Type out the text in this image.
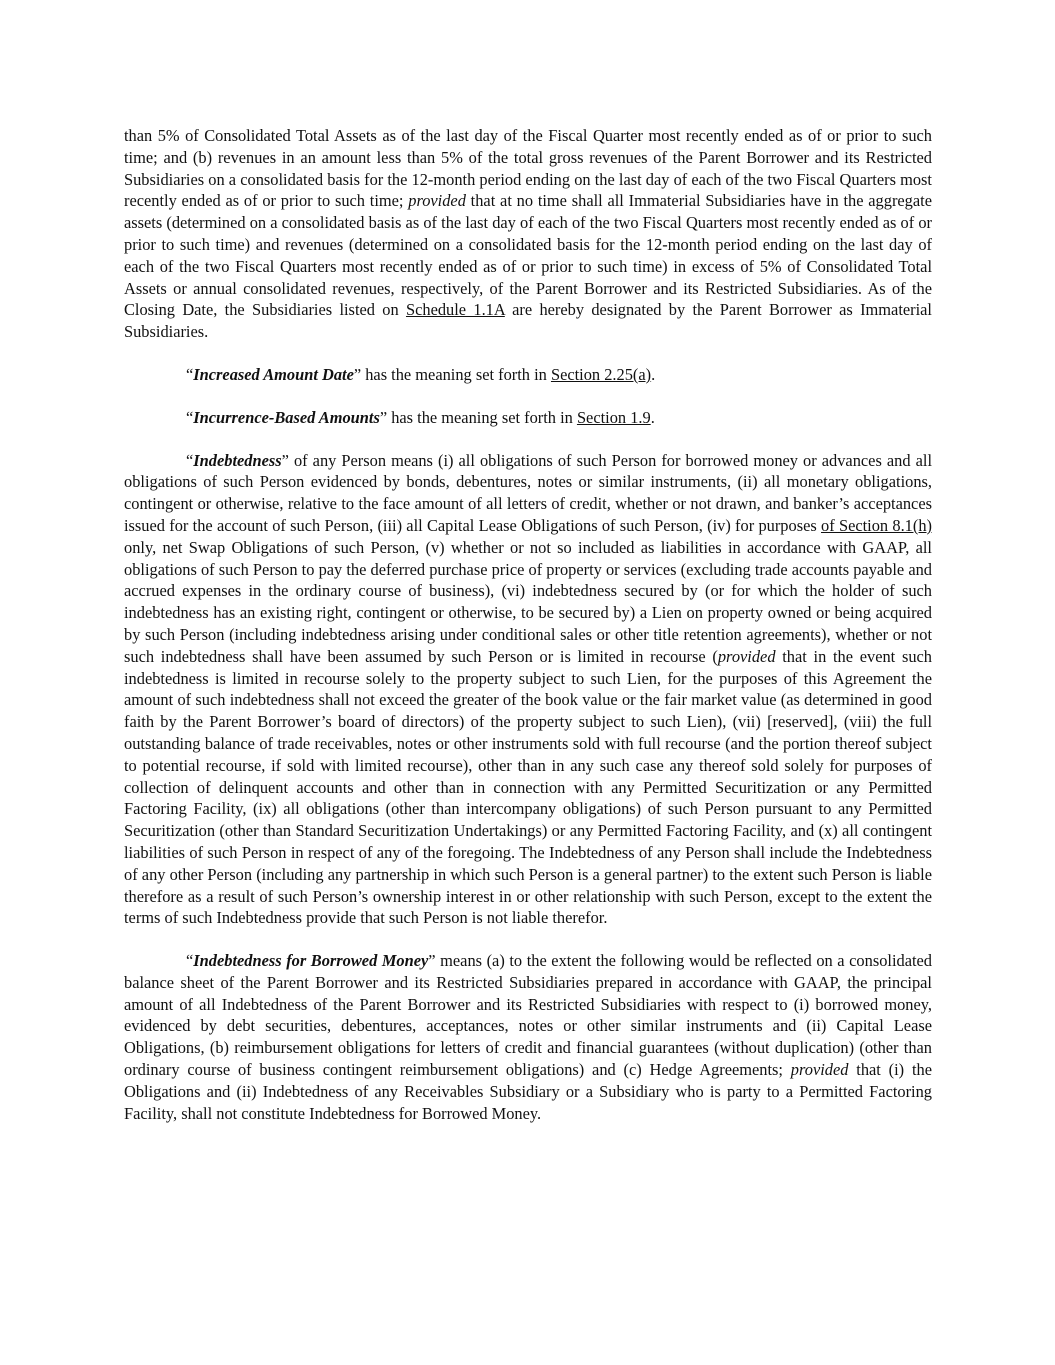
than 5% of Consolidated Total Assets as of the last day of the Fiscal Quarter most recently ended as of or prior to such time; and (b) revenues in an amount less than 5% of the total gross revenues of the Parent Borrower and its Restricted Subsidiaries on a consolidated basis for the 12-month period ending on the last day of each of the two Fiscal Quarters most recently ended as of or prior to such time; provided that at no time shall all Immaterial Subsidiaries have in the aggregate assets (determined on a consolidated basis as of the last day of each of the two Fiscal Quarters most recently ended as of or prior to such time) and revenues (determined on a consolidated basis for the 12-month period ending on the last day of each of the two Fiscal Quarters most recently ended as of or prior to such time) in excess of 5% of Consolidated Total Assets or annual consolidated revenues, respectively, of the Parent Borrower and its Restricted Subsidiaries. As of the Closing Date, the Subsidiaries listed on Schedule 1.1A are hereby designated by the Parent Borrower as Immaterial Subsidiaries.

“Increased Amount Date” has the meaning set forth in Section 2.25(a).

“Incurrence-Based Amounts” has the meaning set forth in Section 1.9.

“Indebtedness” of any Person means (i) all obligations of such Person for borrowed money or advances and all obligations of such Person evidenced by bonds, debentures, notes or similar instruments, (ii) all monetary obligations, contingent or otherwise, relative to the face amount of all letters of credit, whether or not drawn, and banker’s acceptances issued for the account of such Person, (iii) all Capital Lease Obligations of such Person, (iv) for purposes of Section 8.1(h) only, net Swap Obligations of such Person, (v) whether or not so included as liabilities in accordance with GAAP, all obligations of such Person to pay the deferred purchase price of property or services (excluding trade accounts payable and accrued expenses in the ordinary course of business), (vi) indebtedness secured by (or for which the holder of such indebtedness has an existing right, contingent or otherwise, to be secured by) a Lien on property owned or being acquired by such Person (including indebtedness arising under conditional sales or other title retention agreements), whether or not such indebtedness shall have been assumed by such Person or is limited in recourse (provided that in the event such indebtedness is limited in recourse solely to the property subject to such Lien, for the purposes of this Agreement the amount of such indebtedness shall not exceed the greater of the book value or the fair market value (as determined in good faith by the Parent Borrower’s board of directors) of the property subject to such Lien), (vii) [reserved], (viii) the full outstanding balance of trade receivables, notes or other instruments sold with full recourse (and the portion thereof subject to potential recourse, if sold with limited recourse), other than in any such case any thereof sold solely for purposes of collection of delinquent accounts and other than in connection with any Permitted Securitization or any Permitted Factoring Facility, (ix) all obligations (other than intercompany obligations) of such Person pursuant to any Permitted Securitization (other than Standard Securitization Undertakings) or any Permitted Factoring Facility, and (x) all contingent liabilities of such Person in respect of any of the foregoing. The Indebtedness of any Person shall include the Indebtedness of any other Person (including any partnership in which such Person is a general partner) to the extent such Person is liable therefore as a result of such Person’s ownership interest in or other relationship with such Person, except to the extent the terms of such Indebtedness provide that such Person is not liable therefor.

“Indebtedness for Borrowed Money” means (a) to the extent the following would be reflected on a consolidated balance sheet of the Parent Borrower and its Restricted Subsidiaries prepared in accordance with GAAP, the principal amount of all Indebtedness of the Parent Borrower and its Restricted Subsidiaries with respect to (i) borrowed money, evidenced by debt securities, debentures, acceptances, notes or other similar instruments and (ii) Capital Lease Obligations, (b) reimbursement obligations for letters of credit and financial guarantees (without duplication) (other than ordinary course of business contingent reimbursement obligations) and (c) Hedge Agreements; provided that (i) the Obligations and (ii) Indebtedness of any Receivables Subsidiary or a Subsidiary who is party to a Permitted Factoring Facility, shall not constitute Indebtedness for Borrowed Money.
